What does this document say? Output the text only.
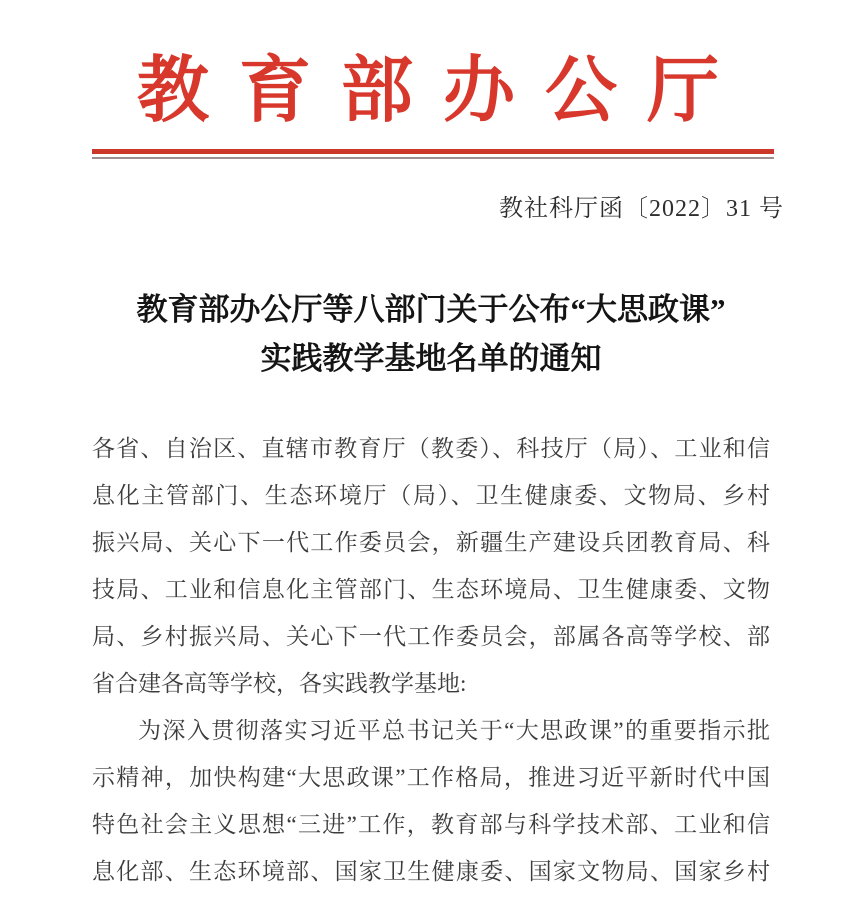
教育部办公厅
教社科厅函〔2022〕31 号
教育部办公厅等八部门关于公布“大思政课”
实践教学基地名单的通知
各省、自治区、直辖市教育厅（教委）、科技厅（局）、工业和信
息化主管部门、生态环境厅（局）、卫生健康委、文物局、乡村
振兴局、关心下一代工作委员会，新疆生产建设兵团教育局、科
技局、工业和信息化主管部门、生态环境局、卫生健康委、文物
局、乡村振兴局、关心下一代工作委员会，部属各高等学校、部
省合建各高等学校，各实践教学基地:
为深入贯彻落实习近平总书记关于“大思政课”的重要指示批
示精神，加快构建“大思政课”工作格局，推进习近平新时代中国
特色社会主义思想“三进”工作，教育部与科学技术部、工业和信
息化部、生态环境部、国家卫生健康委、国家文物局、国家乡村
